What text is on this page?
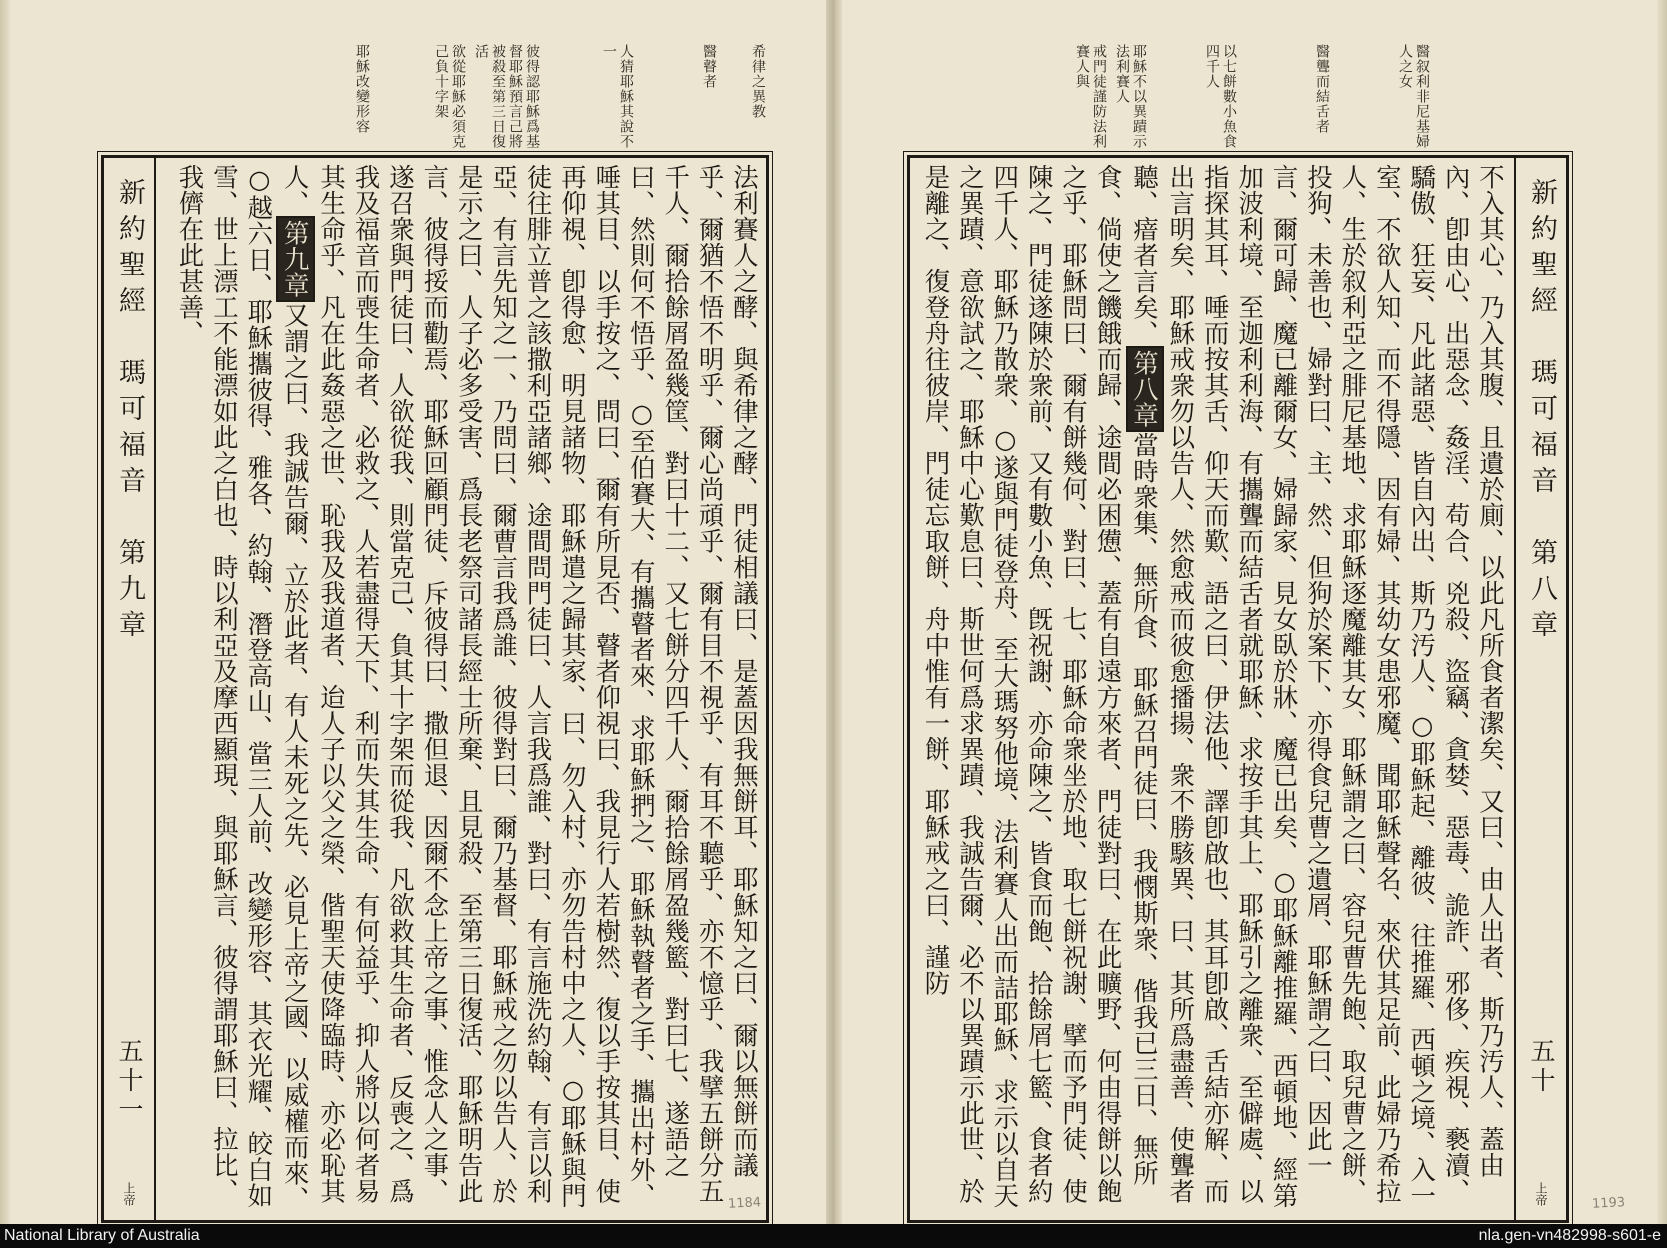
希律之異教
醫瞽者
人猜耶穌其說不一
彼得認耶穌爲基督耶穌預言己將被殺至第三日復活
欲從耶穌必須克己負十字架
耶穌改變形容
新約聖經　瑪可福音　第九章
五十一
上帝

法利賽人之酵、與希律之酵、門徒相議曰、是蓋因我無餅耳、耶穌知之曰、爾以無餅而議乎、爾猶不悟不明乎、爾心尚頑乎、爾有目不視乎、有耳不聽乎、亦不憶乎、我擘五餅分五千人、爾拾餘屑盈幾筐、對曰十二、又七餅分四千人、爾拾餘屑盈幾籃、對曰七、遂語之曰、然則何不悟乎、○至伯賽大、有攜瞽者來、求耶穌捫之、耶穌執瞽者之手、攜出村外、唾其目、以手按之、問曰、爾有所見否、瞽者仰視曰、我見行人若樹然、復以手按其目、使再仰視、卽得愈、明見諸物、耶穌遣之歸其家、曰、勿入村、亦勿告村中之人、○耶穌與門徒往腓立普之該撒利亞諸鄉、途間問門徒曰、人言我爲誰、對曰、有言施洗約翰、有言以利亞、有言先知之一、乃問曰、爾曹言我爲誰、彼得對曰、爾乃基督、耶穌戒之勿以告人、於是示之曰、人子必多受害、爲長老祭司諸長經士所棄、且見殺、至第三日復活、耶穌明告此言、彼得挼而勸焉、耶穌回顧門徒、斥彼得曰、撒但退、因爾不念上帝之事、惟念人之事、遂召衆與門徒曰、人欲從我、則當克己、負其十字架而從我、凡欲救其生命者、反喪之、爲我及福音而喪生命者、必救之、人若盡得天下、利而失其生命、有何益乎、抑人將以何者易其生命乎、凡在此姦惡之世、恥我及我道者、迨人子以父之榮、偕聖天使降臨時、亦必恥其人、第九章又謂之曰、我誠告爾、立於此者、有人未死之先、必見上帝之國、以威權而來、○越六日、耶穌攜彼得、雅各、約翰、潛登高山、當三人前、改變形容、其衣光耀、皎白如雪、世上漂工不能漂如此之白也、時以利亞及摩西顯現、與耶穌言、彼得謂耶穌曰、拉比、我儕在此甚善、

1184
醫叙利非尼基婦人之女
醫聾而結舌者
以七餅數小魚食四千人
耶穌不以異蹟示法利賽人
戒門徒謹防法利賽人與
新約聖經　瑪可福音　第八章
五十
上帝

不入其心、乃入其腹、且遺於廁、以此凡所食者潔矣、又曰、由人出者、斯乃汚人、蓋由內、卽由心、出惡念、姦淫、苟合、兇殺、盜竊、貪婪、惡毒、詭詐、邪侈、疾視、褻瀆、驕傲、狂妄、凡此諸惡、皆自內出、斯乃汚人、○耶穌起、離彼、往推羅、西頓之境、入一室、不欲人知、而不得隱、因有婦、其幼女患邪魔、聞耶穌聲名、來伏其足前、此婦乃希拉人、生於叙利亞之腓尼基地、求耶穌逐魔離其女、耶穌謂之曰、容兒曹先飽、取兒曹之餅、投狗、未善也、婦對曰、主、然、但狗於案下、亦得食兒曹之遺屑、耶穌謂之曰、因此一言、爾可歸、魔已離爾女、婦歸家、見女臥於牀、魔已出矣、○耶穌離推羅、西頓地、經第加波利境、至迦利利海、有攜聾而結舌者就耶穌、求按手其上、耶穌引之離衆、至僻處、以指探其耳、唾而按其舌、仰天而歎、語之曰、伊法他、譯卽啟也、其耳卽啟、舌結亦解、而出言明矣、耶穌戒衆勿以告人、然愈戒而彼愈播揚、衆不勝駭異、曰、其所爲盡善、使聾者聽、瘖者言矣、第八章當時衆集、無所食、耶穌召門徒曰、我憫斯衆、偕我已三日、無所食、倘使之饑餓而歸、途間必困憊、蓋有自遠方來者、門徒對曰、在此曠野、何由得餅以飽之乎、耶穌問曰、爾有餅幾何、對曰、七、耶穌命衆坐於地、取七餅祝謝、擘而予門徒、使陳之、門徒遂陳於衆前、又有數小魚、旣祝謝、亦命陳之、皆食而飽、拾餘屑七籃、食者約四千人、耶穌乃散衆、○遂與門徒登舟、至大瑪努他境、法利賽人出而詰耶穌、求示以自天之異蹟、意欲試之、耶穌中心歎息曰、斯世何爲求異蹟、我誠告爾、必不以異蹟示此世、於是離之、復登舟往彼岸、門徒忘取餅、舟中惟有一餅、耶穌戒之曰、謹防

1193
National Library of Australia	nla.gen-vn482998-s601-e
